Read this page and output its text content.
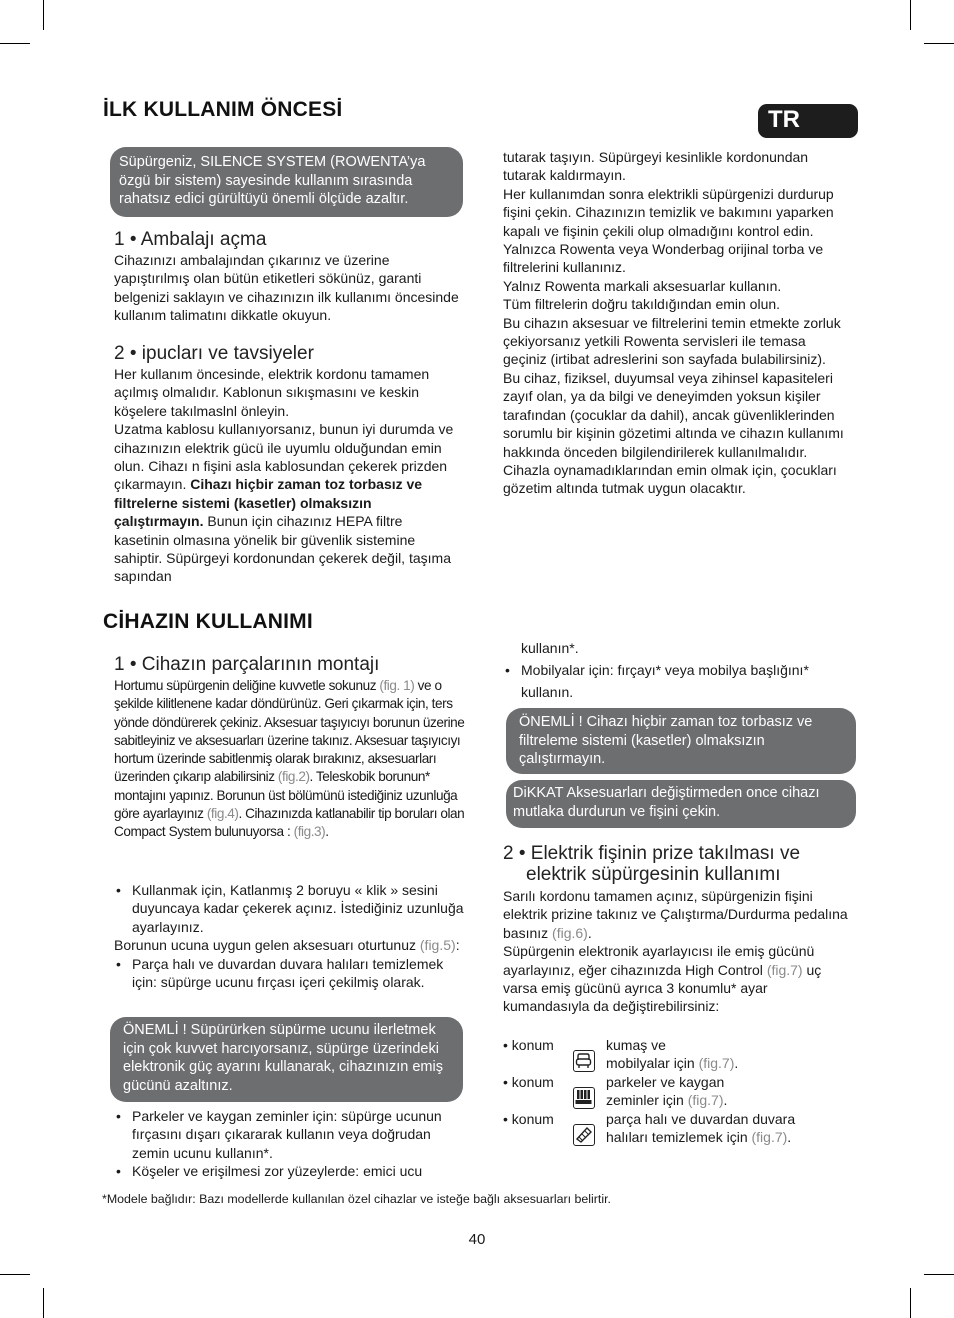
İLK KULLANIM ÖNCESİ	TR
Süpürgeniz, SILENCE SYSTEM (ROWENTA’ya özgü bir sistem) sayesinde kullanım sırasında rahatsız edici gürültüyü önemli ölçüde azaltır.
1 • Ambalajı açma

Cihazınızı ambalajından çıkarınız ve üzerine yapıştırılmış olan bütün etiketleri sökünüz, garanti belgenizi saklayın ve cihazınızın ilk kullanımı öncesinde kullanım talimatını dikkatle okuyun.

2 • ipucları ve tavsiyeler

Her kullanım öncesinde, elektrik kordonu tamamen açılmış olmalıdır. Kablonun sıkışmasını ve keskin köşelere takılmaslnl önleyin.

Uzatma kablosu kullanıyorsanız, bunun iyi durumda ve cihazınızın elektrik gücü ile uyumlu olduğundan emin olun. Cihazı n fişini asla kablosundan çekerek prizden çıkarmayın. Cihazı hiçbir zaman toz torbasız ve filtrelerne sistemi (kasetler) olmaksızın çalıştırmayın. Bunun için cihazınız HEPA filtre kasetinin olmasına yönelik bir güvenlik sistemine sahiptir. Süpürgeyi kordonundan çekerek değil, taşıma sapından

tutarak taşıyın. Süpürgeyi kesinlikle kordonundan tutarak kaldırmayın.

Her kullanımdan sonra elektrikli süpürgenizi durdurup fişini çekin. Cihazınızın temizlik ve bakımını yaparken kapalı ve fişinin çekili olup olmadığını kontrol edin.

Yalnızca Rowenta veya Wonderbag orijinal torba ve filtrelerini kullanınız.

Yalnız Rowenta markali aksesuarlar kullanın.

Tüm filtrelerin doğru takıldığından emin olun.

Bu cihazın aksesuar ve filtrelerini temin etmekte zorluk çekiyorsanız yetkili Rowenta servisleri ile temasa geçiniz (irtibat adreslerini son sayfada bulabilirsiniz).

Bu cihaz, fiziksel, duyumsal veya zihinsel kapasiteleri zayıf olan, ya da bilgi ve deneyimden yoksun kişiler tarafından (çocuklar da dahil), ancak güvenliklerinden sorumlu bir kişinin gözetimi altında ve cihazın kullanımı hakkında önceden bilgilendirilerek kullanılmalıdır.

Cihazla oynamadıklarından emin olmak için, çocukları gözetim altında tutmak uygun olacaktır.

CİHAZIN KULLANIMI
1 • Cihazın parçalarının montajı

Hortumu süpürgenin deliğine kuvvetle sokunuz (fig. 1) ve o şekilde kilitlenene kadar döndürünüz. Geri çıkarmak için, ters yönde döndürerek çekiniz. Aksesuar taşıyıcıyı borunun üzerine sabitleyiniz ve aksesuarları üzerine takınız. Aksesuar taşıyıcıyı hortum üzerinde sabitlenmiş olarak bırakınız, aksesuarları üzerinden çıkarıp alabilirsiniz (fig.2). Teleskobik borunun* montajını yapınız. Borunun üst bölümünü istediğiniz uzunluğa göre ayarlayınız (fig.4). Cihazınızda katlanabilir tip boruları olan Compact System bulunuyorsa : (fig.3).

• Kullanmak için, Katlanmış 2 boruyu « klik » sesini duyuncaya kadar çekerek açınız. İstediğiniz uzunluğa ayarlayınız.

Borunun ucuna uygun gelen aksesuarı oturtunuz (fig.5):

• Parça halı ve duvardan duvara halıları temizlemek için: süpürge ucunu fırçası içeri çekilmiş olarak.
ÖNEMLİ ! Süpürürken süpürme ucunu ilerletmek için çok kuvvet harcıyorsanız, süpürge üzerindeki elektronik güç ayarını kullanarak, cihazınızın emiş gücünü azaltınız.
• Parkeler ve kaygan zeminler için: süpürge ucunun fırçasını dışarı çıkararak kullanın veya doğrudan zemin ucunu kullanın*.
• Köşeler ve erişilmesi zor yüzeylerde: emici ucu

kullanın*.

• Mobilyalar için: fırçayı* veya mobilya başlığını* kullanın.
ÖNEMLİ ! Cihazı hiçbir zaman toz torbasız ve filtreleme sistemi (kasetler) olmaksızın çalıştırmayın.
DiKKAT Aksesuarları değiştirmeden once cihazı mutlaka durdurun ve fişini çekin.
2 • Elektrik fişinin prize takılması ve
elektrik süpürgesinin kullanımı

Sarılı kordonu tamamen açınız, süpürgenizin fişini elektrik prizine takınız ve Çalıştırma/Durdurma pedalına basınız (fig.6).

Süpürgenin elektronik ayarlayıcısı ile emiş gücünü ayarlayınız, eğer cihazınızda High Control (fig.7) uç varsa emiş gücünü ayrıca 3 konumlu* ayar kumandasıyla da değiştirebilirsiniz:

• konum	kumaş ve
mobilyalar için (fig.7).
• konum	parkeler ve kaygan
zeminler için (fig.7).
• konum	parça halı ve duvardan duvara
halıları temizlemek için (fig.7).
*Modele bağlıdır: Bazı modellerde kullanılan özel cihazlar ve isteğe bağlı aksesuarları belirtir.
40
